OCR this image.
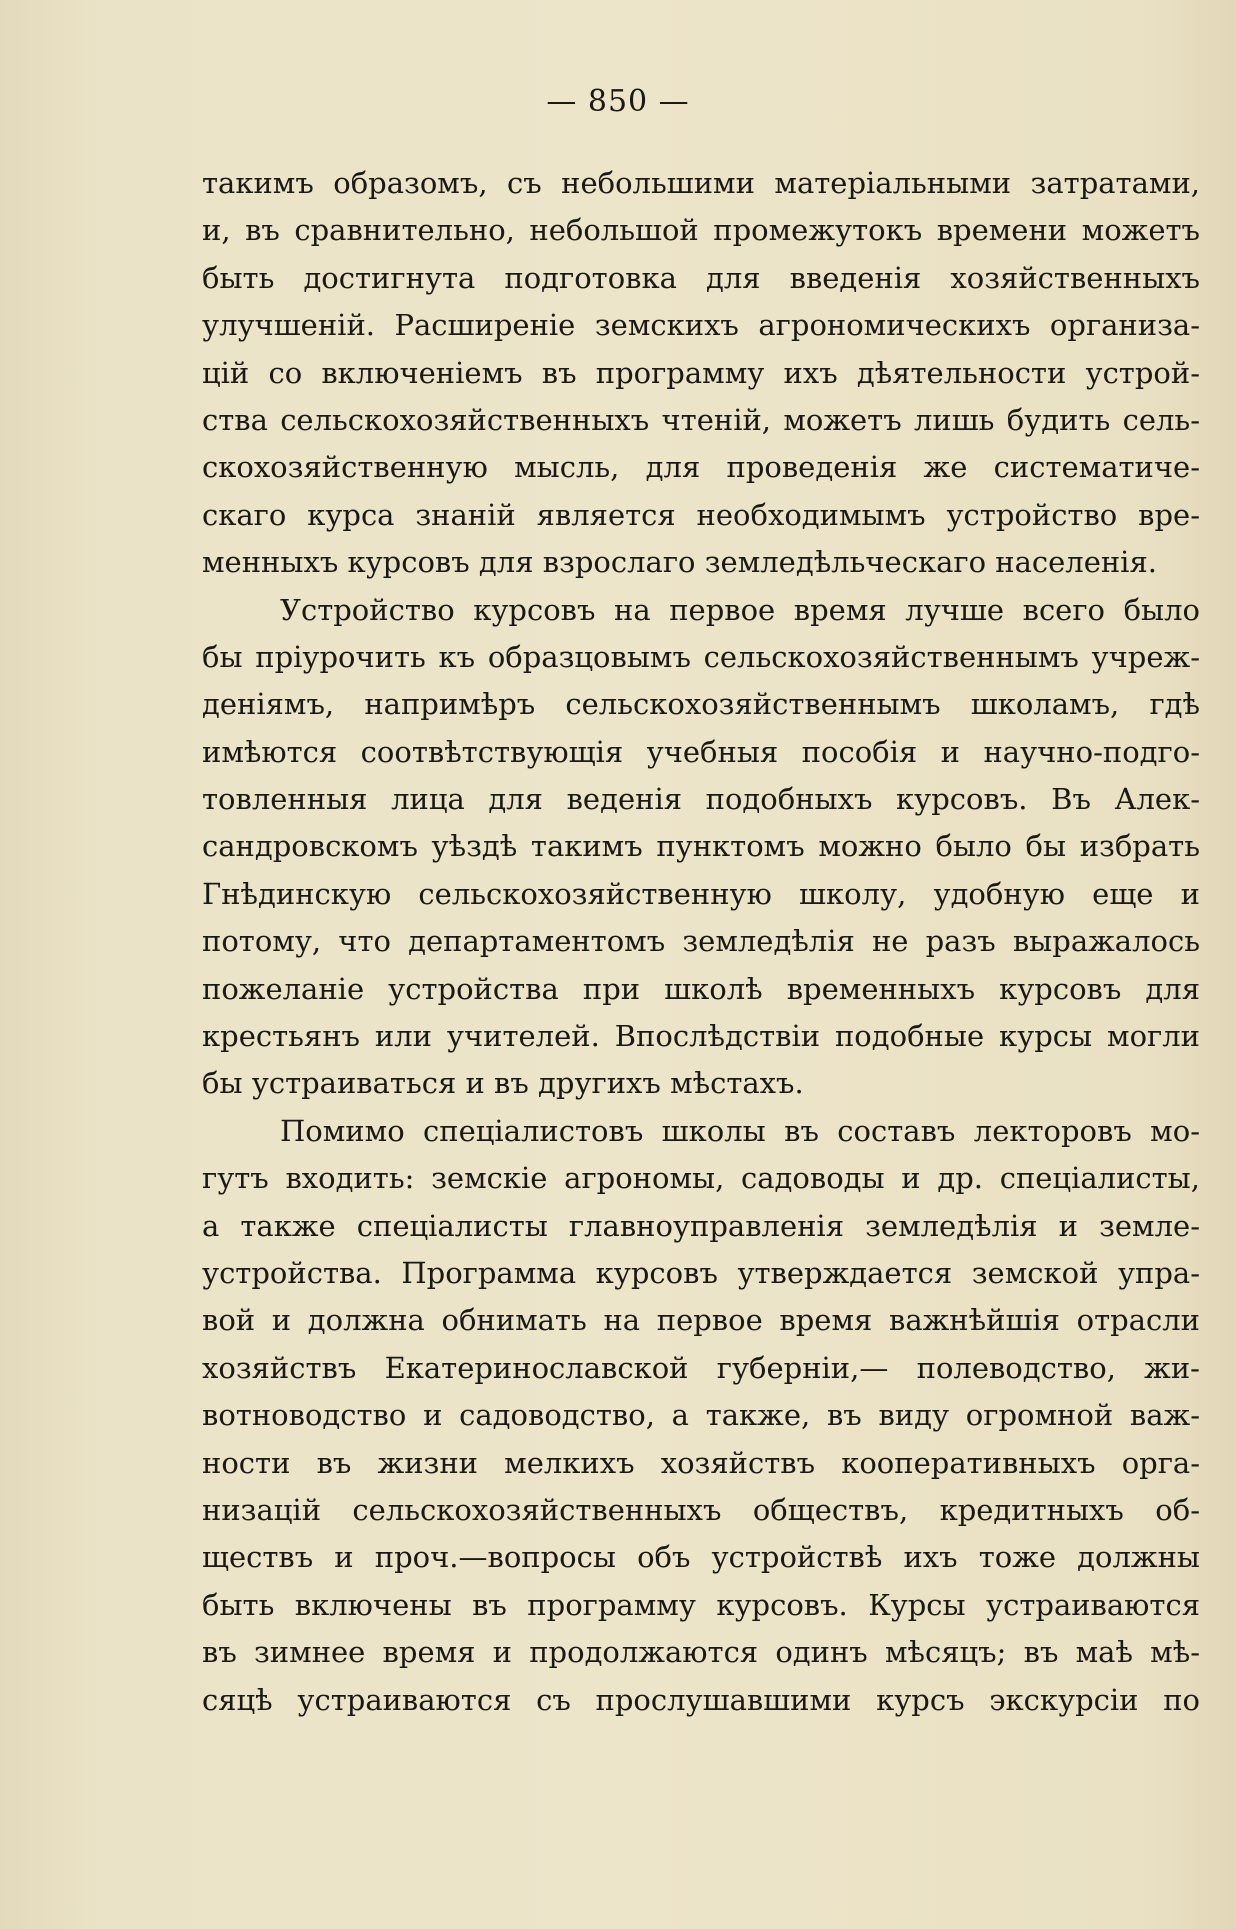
— 850 —
такимъ образомъ, съ небольшими матеріальными затратами,
и, въ сравнительно, небольшой промежутокъ времени можетъ
быть достигнута подготовка для введенія хозяйственныхъ
улучшеній. Расширеніе земскихъ агрономическихъ организа-
цій со включеніемъ въ программу ихъ дѣятельности устрой-
ства сельскохозяйственныхъ чтеній, можетъ лишь будить сель-
скохозяйственную мысль, для проведенія же систематиче-
скаго курса знаній является необходимымъ устройство вре-
менныхъ курсовъ для взрослаго земледѣльческаго населенія.
Устройство курсовъ на первое время лучше всего было
бы пріурочить къ образцовымъ сельскохозяйственнымъ учреж-
деніямъ, напримѣръ сельскохозяйственнымъ школамъ, гдѣ
имѣются соотвѣтствующія учебныя пособія и научно-подго-
товленныя лица для веденія подобныхъ курсовъ. Въ Алек-
сандровскомъ уѣздѣ такимъ пунктомъ можно было бы избрать
Гнѣдинскую сельскохозяйственную школу, удобную еще и
потому, что департаментомъ земледѣлія не разъ выражалось
пожеланіе устройства при школѣ временныхъ курсовъ для
крестьянъ или учителей. Впослѣдствіи подобные курсы могли
бы устраиваться и въ другихъ мѣстахъ.
Помимо спеціалистовъ школы въ составъ лекторовъ мо-
гутъ входить: земскіе агрономы, садоводы и др. спеціалисты,
а также спеціалисты главноуправленія земледѣлія и земле-
устройства. Программа курсовъ утверждается земской упра-
вой и должна обнимать на первое время важнѣйшія отрасли
хозяйствъ Екатеринославской губерніи,— полеводство, жи-
вотноводство и садоводство, а также, въ виду огромной важ-
ности въ жизни мелкихъ хозяйствъ кооперативныхъ орга-
низацій сельскохозяйственныхъ обществъ, кредитныхъ об-
ществъ и проч.—вопросы объ устройствѣ ихъ тоже должны
быть включены въ программу курсовъ. Курсы устраиваются
въ зимнее время и продолжаются одинъ мѣсяцъ; въ маѣ мѣ-
сяцѣ устраиваются съ прослушавшими курсъ экскурсіи по
